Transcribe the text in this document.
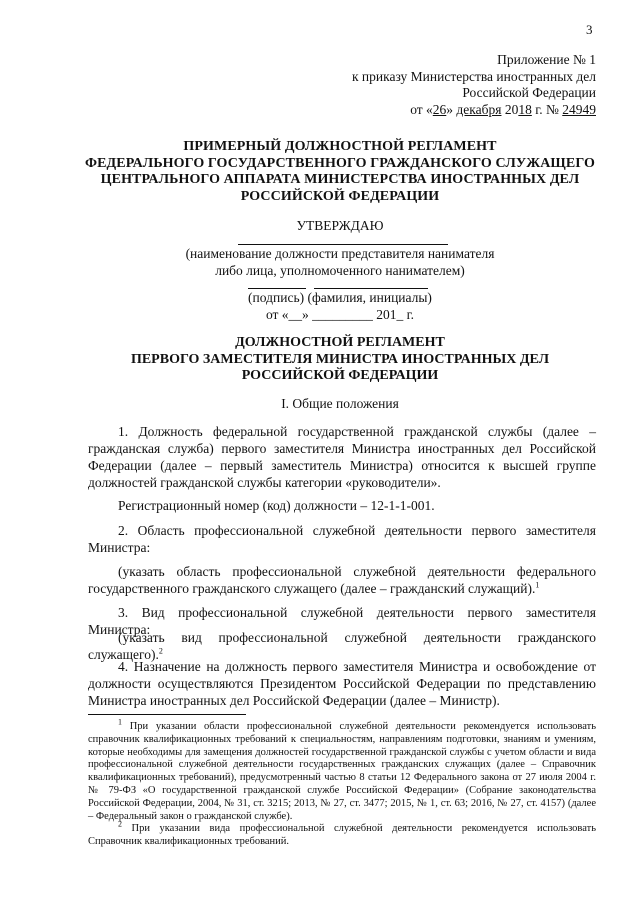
3
Приложение № 1
к приказу Министерства иностранных дел
Российской Федерации
от «26» декабря 2018 г. № 24949
ПРИМЕРНЫЙ ДОЛЖНОСТНОЙ РЕГЛАМЕНТ
ФЕДЕРАЛЬНОГО ГОСУДАРСТВЕННОГО ГРАЖДАНСКОГО СЛУЖАЩЕГО
ЦЕНТРАЛЬНОГО АППАРАТА МИНИСТЕРСТВА ИНОСТРАННЫХ ДЕЛ
РОССИЙСКОЙ ФЕДЕРАЦИИ
УТВЕРЖДАЮ
(наименование должности представителя нанимателя
либо лица, уполномоченного нанимателем)
(подпись) (фамилия, инициалы)
от «__» _________ 201_ г.
ДОЛЖНОСТНОЙ РЕГЛАМЕНТ
ПЕРВОГО ЗАМЕСТИТЕЛЯ МИНИСТРА ИНОСТРАННЫХ ДЕЛ
РОССИЙСКОЙ ФЕДЕРАЦИИ
I. Общие положения
1. Должность федеральной государственной гражданской службы (далее – гражданская служба) первого заместителя Министра иностранных дел Российской Федерации (далее – первый заместитель Министра) относится к высшей группе должностей гражданской службы категории «руководители».
Регистрационный номер (код) должности – 12-1-1-001.
2. Область профессиональной служебной деятельности первого заместителя Министра:
(указать область профессиональной служебной деятельности федерального государственного гражданского служащего (далее – гражданский служащий).$^1$
3. Вид профессиональной служебной деятельности первого заместителя Министра:
(указать вид профессиональной служебной деятельности гражданского служащего).$^2$
4. Назначение на должность первого заместителя Министра и освобождение от должности осуществляются Президентом Российской Федерации по представлению Министра иностранных дел Российской Федерации (далее – Министр).
$^1$ При указании области профессиональной служебной деятельности рекомендуется использовать справочник квалификационных требований к специальностям, направлениям подготовки, знаниям и умениям, которые необходимы для замещения должностей государственной гражданской службы с учетом области и вида профессиональной служебной деятельности государственных гражданских служащих (далее – Справочник квалификационных требований), предусмотренный частью 8 статьи 12 Федерального закона от 27 июля 2004 г. № 79-ФЗ «О государственной гражданской службе Российской Федерации» (Собрание законодательства Российской Федерации, 2004, № 31, ст. 3215; 2013, № 27, ст. 3477; 2015, № 1, ст. 63; 2016, № 27, ст. 4157) (далее – Федеральный закон о гражданской службе).
$^2$ При указании вида профессиональной служебной деятельности рекомендуется использовать Справочник квалификационных требований.
